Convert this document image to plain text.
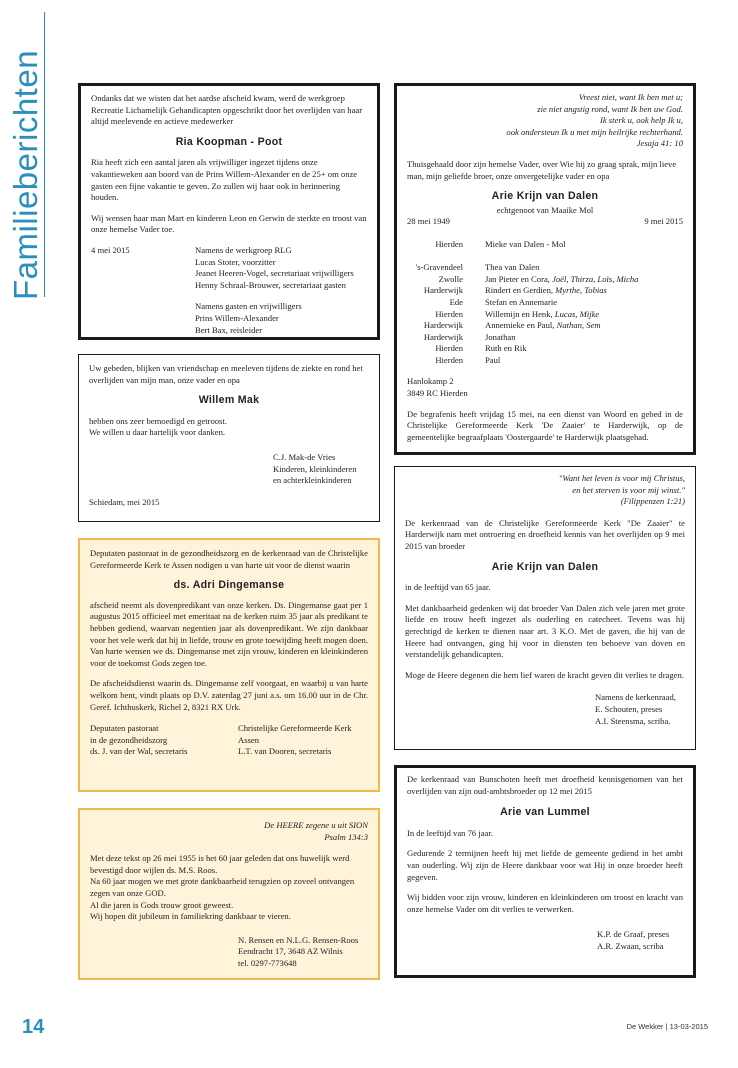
Familieberichten	Ondanks dat we wisten dat het aardse afscheid kwam, werd de werkgroep Recreatie Lichamelijk Gehandicapten opgeschrikt door het overlijden van haar altijd meelevende en actieve medewerker

Ria Koopman - Poot

Ria heeft zich een aantal jaren als vrijwilliger ingezet tijdens onze vakantieweken aan boord van de Prins Willem-Alexander en de 25+ om onze gasten een fijne vakantie te geven. Zo zullen wij haar ook in herinnering houden.

Wij wensen haar man Mart en kinderen Leon en Gerwin de sterkte en troost van onze hemelse Vader toe.

4 mei 2015	Namens de werkgroep RLG

Lucas Stoter, voorzitter

Jeanet Heeren-Vogel, secretariaat vrijwilligers

Henny Schraal-Brouwer, secretariaat gasten

Namens gasten en vrijwilligers

Prins Willem-Alexander

Bert Bax, reisleider

Uw gebeden, blijken van vriendschap en meeleven tijdens de ziekte en rond het overlijden van mijn man, onze vader en opa

Willem Mak

hebben ons zeer bemoedigd en getroost.

We willen u daar hartelijk voor danken.

C.J. Mak-de Vries

Kinderen, kleinkinderen

en achterkleinkinderen

Schiedam, mei 2015

Deputaten pastoraat in de gezondheidszorg en de kerkenraad van de Christelijke Gereformeerde Kerk te Assen nodigen u van harte uit voor de dienst waarin

ds. Adri Dingemanse

afscheid neemt als dovenpredikant van onze kerken. Ds. Dingemanse gaat per 1 augustus 2015 officieel met emeritaat na de kerken ruim 35 jaar als predikant te hebben gediend, waarvan negentien jaar als dovenpredikant. We zijn dankbaar voor het vele werk dat hij in liefde, trouw en grote toewijding heeft mogen doen. Van harte wensen we ds. Dingemanse met zijn vrouw, kinderen en kleinkinderen voor de toekomst Gods zegen toe.

De afscheidsdienst waarin ds. Dingemanse zelf voorgaat, en waarbij u van harte welkom bent, vindt plaats op D.V. zaterdag 27 juni a.s. om 16.00 uur in de Chr. Geref. Ichthuskerk, Richel 2, 8321 RX Urk.

Deputaten pastoraat

in de gezondheidszorg

ds. J. van der Wal, secretaris

Christelijke Gereformeerde Kerk

Assen

L.T. van Dooren, secretaris

De HEERE zegene u uit SION

Psalm 134:3

Met deze tekst op 26 mei 1955 is het 60 jaar geleden dat ons huwelijk werd bevestigd door wijlen ds. M.S. Roos.

Na 60 jaar mogen we met grote dankbaarheid terugzien op zoveel ontvangen zegen van onze GOD.

Al die jaren is Gods trouw groot geweest.

Wij hopen dit jubileum in familiekring dankbaar te vieren.

N. Rensen en N.L.G. Rensen-Roos

Eendracht 17, 3648 AZ Wilnis

tel. 0297-773648

Vreest niet, want Ik ben met u;

zie niet angstig rond, want Ik ben uw God.

Ik sterk u, ook help Ik u,

ook ondersteun Ik u met mijn heilrijke rechterhand.

Jesaja 41: 10

Thuisgehaald door zijn hemelse Vader, over Wie hij zo graag sprak, mijn lieve man, mijn geliefde broer, onze onvergetelijke vader en opa

Arie Krijn van Dalen

echtgenoot van Maaike Mol

28 mei 1949	9 mei 2015
Hierden	Mieke van Dalen - Mol
's-Gravendeel	Thea van Dalen
Zwolle	Jan Pieter en Cora, Joël, Thirza, Loïs, Micha
Harderwijk	Rindert en Gerdien, Myrthe, Tobias
Ede	Stefan en Annemarie
Hierden	Willemijn en Henk, Lucas, Mijke
Harderwijk	Annemieke en Paul, Nathan, Sem
Harderwijk	Jonathan
Hierden	Ruth en Rik
Hierden	Paul

Hanlokamp 2

3849 RC Hierden

De begrafenis heeft vrijdag 15 mei, na een dienst van Woord en gebed in de Christelijke Gereformeerde Kerk 'De Zaaier' te Harderwijk, op de gemeentelijke begraafplaats 'Oostergaarde' te Harderwijk plaatsgehad.

"Want het leven is voor mij Christus,

en het sterven is voor mij winst."

(Filippenzen 1:21)

De kerkenraad van de Christelijke Gereformeerde Kerk "De Zaaier" te Harderwijk nam met ontroering en droefheid kennis van het overlijden op 9 mei 2015 van broeder

Arie Krijn van Dalen

in de leeftijd van 65 jaar.

Met dankbaarheid gedenken wij dat broeder Van Dalen zich vele jaren met grote liefde en trouw heeft ingezet als ouderling en catecheet. Tevens was hij gerechtigd de kerken te dienen naar art. 3 K.O. Met de gaven, die hij van de Heere had ontvangen, ging hij voor in diensten ten behoeve van doven en verstandelijk gehandicapten.

Moge de Heere degenen die hem lief waren de kracht geven dit verlies te dragen.

Namens de kerkenraad,

E. Schouten, preses

A.I. Steensma, scriba.

De kerkenraad van Bunschoten heeft met droefheid kennisgenomen van het overlijden van zijn oud-ambtsbroeder op 12 mei 2015

Arie van Lummel

In de leeftijd van 76 jaar.

Gedurende 2 termijnen heeft hij met liefde de gemeente gediend in het ambt van ouderling. Wij zijn de Heere dankbaar voor wat Hij in onze broeder heeft gegeven.

Wij bidden voor zijn vrouw, kinderen en kleinkinderen om troost en kracht van onze hemelse Vader om dit verlies te verwerken.

K.P. de Graaf, preses

A.R. Zwaan, scriba

14	De Wekker | 13-03-2015
